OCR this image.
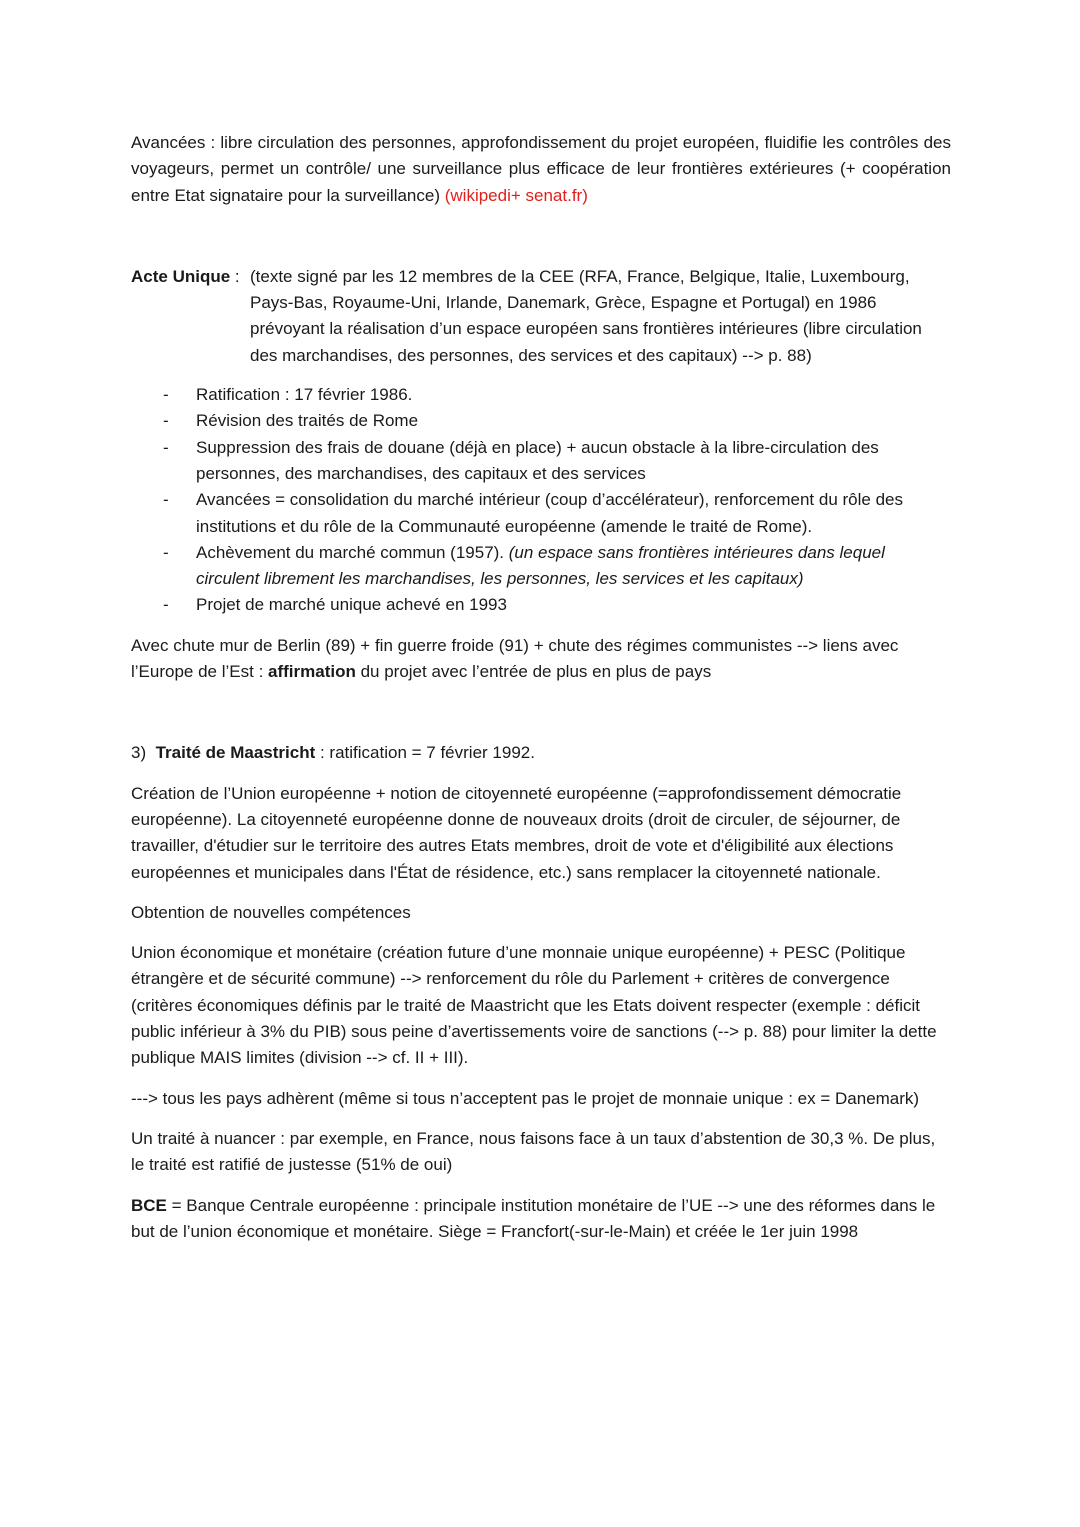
Avancées : libre circulation des personnes, approfondissement du projet européen, fluidifie les contrôles des voyageurs, permet un contrôle/ une surveillance plus efficace de leur frontières extérieures (+ coopération entre Etat signataire pour la surveillance) (wikipedi+ senat.fr)

Acte Unique : (texte signé par les 12 membres de la CEE (RFA, France, Belgique, Italie, Luxembourg, Pays-Bas, Royaume-Uni, Irlande, Danemark, Grèce, Espagne et Portugal) en 1986 prévoyant la réalisation d’un espace européen sans frontières intérieures (libre circulation des marchandises, des personnes, des services et des capitaux) --> p. 88)

- Ratification : 17 février 1986.
- Révision des traités de Rome
- Suppression des frais de douane (déjà en place) + aucun obstacle à la libre-circulation des personnes, des marchandises, des capitaux et des services
- Avancées = consolidation du marché intérieur (coup d’accélérateur), renforcement du rôle des institutions et du rôle de la Communauté européenne (amende le traité de Rome).
- Achèvement du marché commun (1957). (un espace sans frontières intérieures dans lequel circulent librement les marchandises, les personnes, les services et les capitaux)
- Projet de marché unique achevé en 1993

Avec chute mur de Berlin (89) + fin guerre froide (91) + chute des régimes communistes --> liens avec l’Europe de l’Est : affirmation du projet avec l’entrée de plus en plus de pays

3) Traité de Maastricht : ratification = 7 février 1992.

Création de l’Union européenne + notion de citoyenneté européenne (=approfondissement démocratie européenne). La citoyenneté européenne donne de nouveaux droits (droit de circuler, de séjourner, de travailler, d'étudier sur le territoire des autres Etats membres, droit de vote et d'éligibilité aux élections européennes et municipales dans l'État de résidence, etc.) sans remplacer la citoyenneté nationale.

Obtention de nouvelles compétences

Union économique et monétaire (création future d’une monnaie unique européenne) + PESC (Politique étrangère et de sécurité commune) --> renforcement du rôle du Parlement + critères de convergence (critères économiques définis par le traité de Maastricht que les Etats doivent respecter (exemple : déficit public inférieur à 3% du PIB) sous peine d’avertissements voire de sanctions (--> p. 88) pour limiter la dette publique MAIS limites (division --> cf. II + III).

---> tous les pays adhèrent (même si tous n’acceptent pas le projet de monnaie unique : ex = Danemark)

Un traité à nuancer : par exemple, en France, nous faisons face à un taux d’abstention de 30,3 %. De plus, le traité est ratifié de justesse (51% de oui)

BCE = Banque Centrale européenne : principale institution monétaire de l’UE --> une des réformes dans le but de l’union économique et monétaire. Siège = Francfort(-sur-le-Main) et créée le 1er juin 1998
